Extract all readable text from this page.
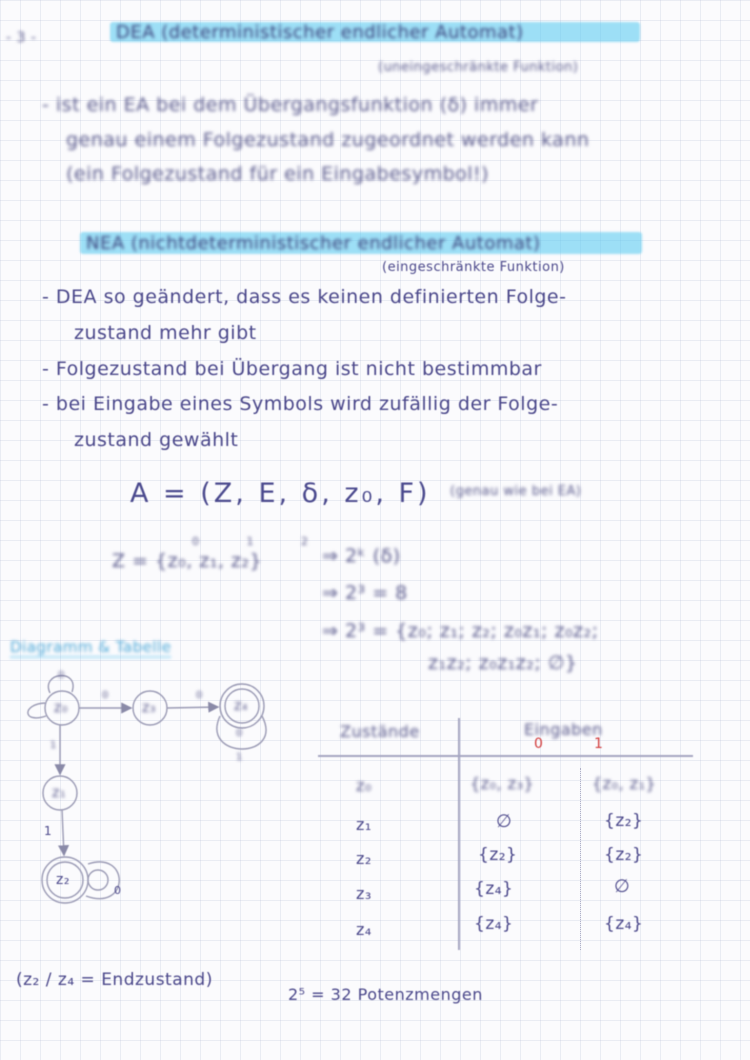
- 3 -	DEA (deterministischer endlicher Automat)
(uneingeschränkte Funktion)
- ist ein EA bei dem Übergangsfunktion (δ) immer
genau einem Folgezustand zugeordnet werden kann
(ein Folgezustand für ein Eingabesymbol!)
NEA (nichtdeterministischer endlicher Automat)
(eingeschränkte Funktion)
- DEA so geändert, dass es keinen definierten Folge-
zustand mehr gibt
- Folgezustand bei Übergang ist nicht bestimmbar
- bei Eingabe eines Symbols wird zufällig der Folge-
zustand gewählt
A = (Z, E, δ, z₀, F) (genau wie bei EA)
0 1 2
Z = {z₀, z₁, z₂}	⇒ 2ᵏ (δ)
⇒ 2³ = 8
⇒ 2³ = {z₀; z₁; z₂; z₀z₁; z₀z₂;
z₁z₂; z₀z₁z₂; ∅}
Diagramm & Tabelle
z₀
z₁
z₂
z₃	z₄
0
0	0
0
1
1
1
0
Zustände	Eingaben
0	1
z₀	{z₀, z₃}	{z₀, z₁}
z₁	∅	{z₂}
z₂	{z₂}	{z₂}
z₃	{z₄}	∅
z₄	{z₄}	{z₄}
(z₂ / z₄ = Endzustand)
2⁵ = 32 Potenzmengen
